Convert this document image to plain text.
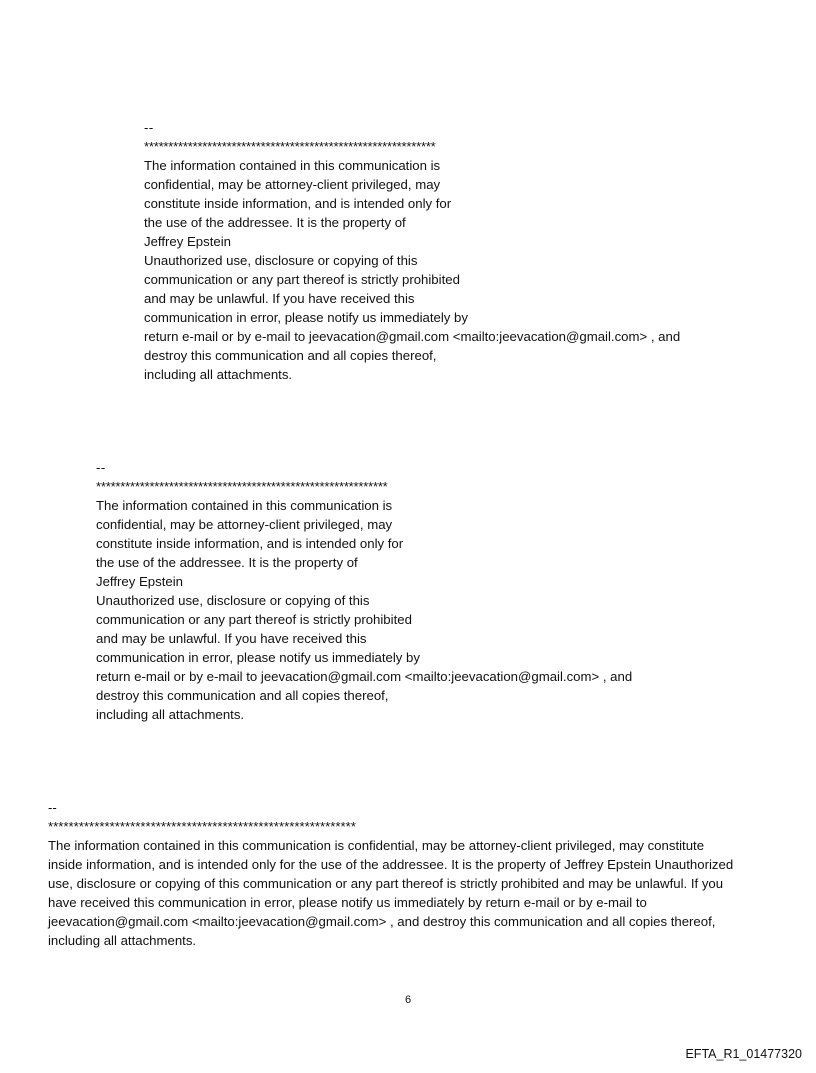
--
************************************************************
The information contained in this communication is
confidential, may be attorney-client privileged, may
constitute inside information, and is intended only for
the use of the addressee. It is the property of
Jeffrey Epstein
Unauthorized use, disclosure or copying of this
communication or any part thereof is strictly prohibited
and may be unlawful. If you have received this
communication in error, please notify us immediately by
return e-mail or by e-mail to jeevacation@gmail.com <mailto:jeevacation@gmail.com> , and
destroy this communication and all copies thereof,
including all attachments.
--
************************************************************
The information contained in this communication is
confidential, may be attorney-client privileged, may
constitute inside information, and is intended only for
the use of the addressee. It is the property of
Jeffrey Epstein
Unauthorized use, disclosure or copying of this
communication or any part thereof is strictly prohibited
and may be unlawful. If you have received this
communication in error, please notify us immediately by
return e-mail or by e-mail to jeevacation@gmail.com <mailto:jeevacation@gmail.com> , and
destroy this communication and all copies thereof,
including all attachments.
--
************************************************************
The information contained in this communication is confidential, may be attorney-client privileged, may constitute
inside information, and is intended only for the use of the addressee. It is the property of Jeffrey Epstein Unauthorized
use, disclosure or copying of this communication or any part thereof is strictly prohibited and may be unlawful. If you
have received this communication in error, please notify us immediately by return e-mail or by e-mail to
jeevacation@gmail.com <mailto:jeevacation@gmail.com> , and destroy this communication and all copies thereof,
including all attachments.
6
EFTA_R1_01477320
